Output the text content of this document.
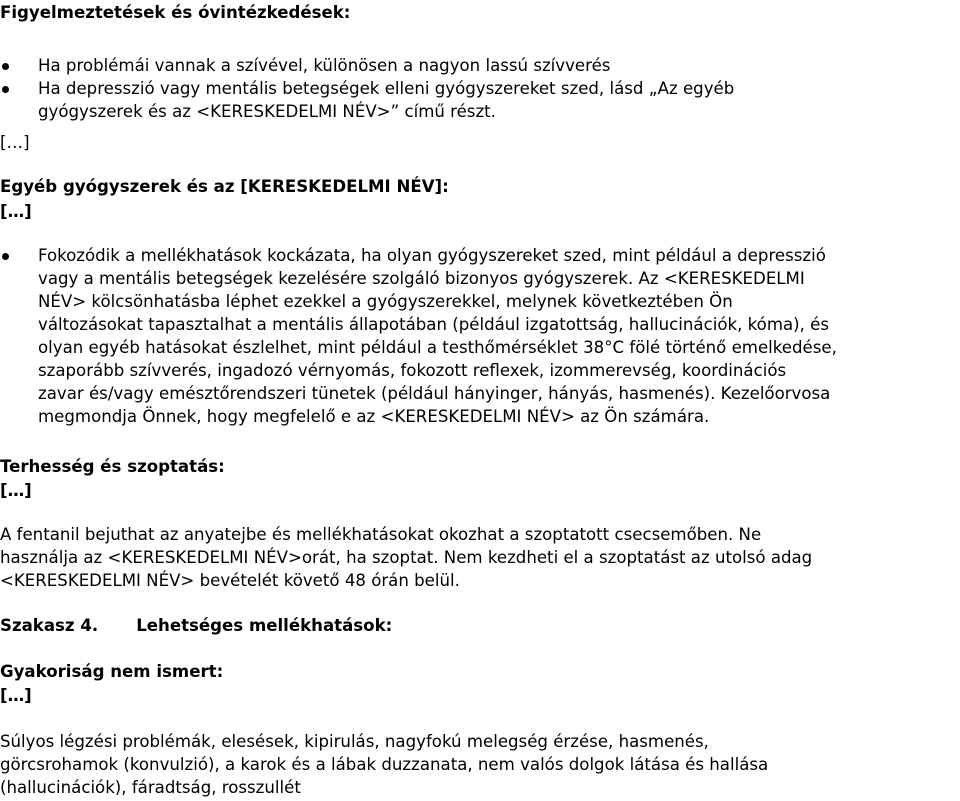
Figyelmeztetések és óvintézkedések:
Ha problémái vannak a szívével, különösen a nagyon lassú szívverés
Ha depresszió vagy mentális betegségek elleni gyógyszereket szed, lásd „Az egyéb
gyógyszerek és az <KERESKEDELMI NÉV>” című részt.
[…]
Egyéb gyógyszerek és az [KERESKEDELMI NÉV]:
[…]
Fokozódik a mellékhatások kockázata, ha olyan gyógyszereket szed, mint például a depresszió
vagy a mentális betegségek kezelésére szolgáló bizonyos gyógyszerek. Az <KERESKEDELMI
NÉV> kölcsönhatásba léphet ezekkel a gyógyszerekkel, melynek következtében Ön
változásokat tapasztalhat a mentális állapotában (például izgatottság, hallucinációk, kóma), és
olyan egyéb hatásokat észlelhet, mint például a testhőmérséklet 38°C fölé történő emelkedése,
szaporább szívverés, ingadozó vérnyomás, fokozott reflexek, izommerevség, koordinációs
zavar és/vagy emésztőrendszeri tünetek (például hányinger, hányás, hasmenés). Kezelőorvosa
megmondja Önnek, hogy megfelelő e az <KERESKEDELMI NÉV> az Ön számára.
Terhesség és szoptatás:
[…]
A fentanil bejuthat az anyatejbe és mellékhatásokat okozhat a szoptatott csecsemőben. Ne
használja az <KERESKEDELMI NÉV>orát, ha szoptat. Nem kezdheti el a szoptatást az utolsó adag
<KERESKEDELMI NÉV> bevételét követő 48 órán belül.
Szakasz 4. Lehetséges mellékhatások:
Gyakoriság nem ismert:
[…]
Súlyos légzési problémák, elesések, kipirulás, nagyfokú melegség érzése, hasmenés,
görcsrohamok (konvulzió), a karok és a lábak duzzanata, nem valós dolgok látása és hallása
(hallucinációk), fáradtság, rosszullét
